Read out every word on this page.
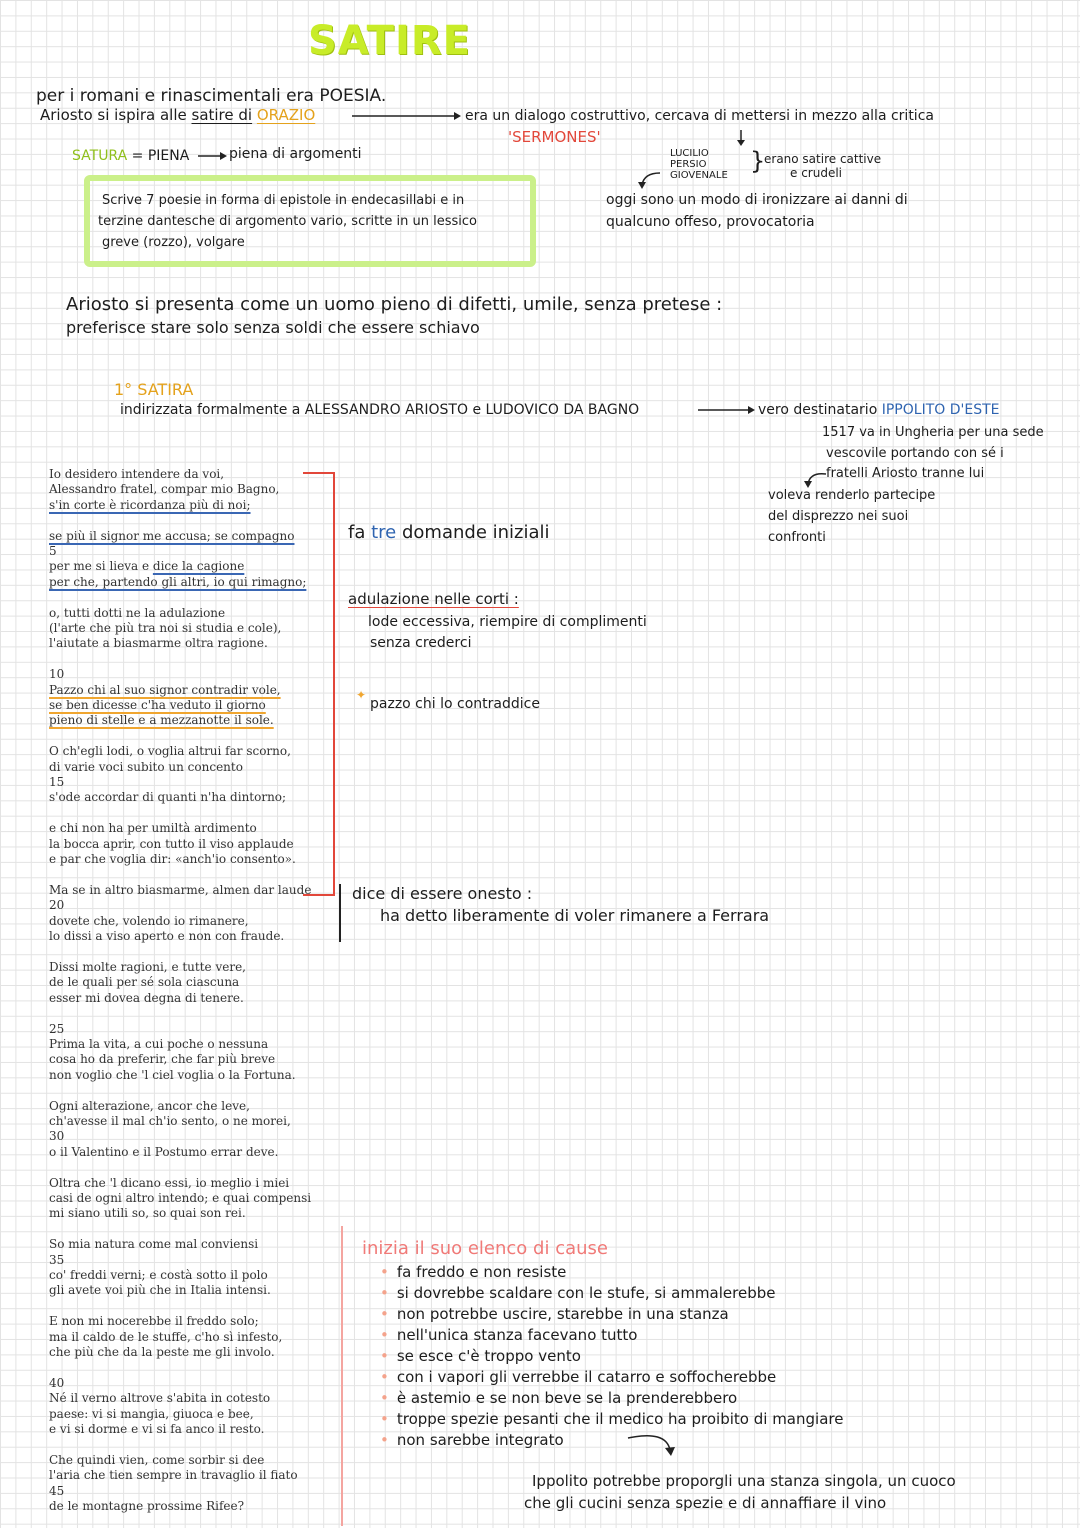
SATIRE
per i romani e rinascimentali era POESIA.
Ariosto si ispira alle satire di ORAZIO	era un dialogo costruttivo, cercava di mettersi in mezzo alla critica
'SERMONES'
SATURA = PIENA	piena di argomenti
Scrive 7 poesie in forma di epistole in endecasillabi e in
terzine dantesche di argomento vario, scritte in un lessico
greve (rozzo), volgare
LUCILIO
PERSIO
GIOVENALE
}
erano satire cattive
e crudeli
oggi sono un modo di ironizzare ai danni di
qualcuno offeso, provocatoria
Ariosto si presenta come un uomo pieno di difetti, umile, senza pretese :
preferisce stare solo senza soldi che essere schiavo
1° SATIRA
indirizzata formalmente a ALESSANDRO ARIOSTO e LUDOVICO DA BAGNO	vero destinatario IPPOLITO D'ESTE
1517 va in Ungheria per una sede
vescovile portando con sé i
fratelli Ariosto tranne lui
voleva renderlo partecipe
del disprezzo nei suoi
confronti
Io desidero intendere da voi,
Alessandro fratel, compar mio Bagno,
s'in corte è ricordanza più di noi;
se più il signor me accusa; se compagno
5
per me si lieva e dice la cagione
per che, partendo gli altri, io qui rimagno;
o, tutti dotti ne la adulazione
(l'arte che più tra noi si studia e cole),
l'aiutate a biasmarme oltra ragione.
10
Pazzo chi al suo signor contradir vole,
se ben dicesse c'ha veduto il giorno
pieno di stelle e a mezzanotte il sole.
O ch'egli lodi, o voglia altrui far scorno,
di varie voci subito un concento
15
s'ode accordar di quanti n'ha dintorno;
e chi non ha per umiltà ardimento
la bocca aprir, con tutto il viso applaude
e par che voglia dir: «anch'io consento».
Ma se in altro biasmarme, almen dar laude
20
dovete che, volendo io rimanere,
lo dissi a viso aperto e non con fraude.
Dissi molte ragioni, e tutte vere,
de le quali per sé sola ciascuna
esser mi dovea degna di tenere.
25
Prima la vita, a cui poche o nessuna
cosa ho da preferir, che far più breve
non voglio che 'l ciel voglia o la Fortuna.
Ogni alterazione, ancor che leve,
ch'avesse il mal ch'io sento, o ne morei,
30
o il Valentino e il Postumo errar deve.
Oltra che 'l dicano essi, io meglio i miei
casi de ogni altro intendo; e quai compensi
mi siano utili so, so quai son rei.
So mia natura come mal conviensi
35
co' freddi verni; e costà sotto il polo
gli avete voi più che in Italia intensi.
E non mi nocerebbe il freddo solo;
ma il caldo de le stuffe, c'ho sì infesto,
che più che da la peste me gli involo.
40
Né il verno altrove s'abita in cotesto
paese: vi si mangia, giuoca e bee,
e vi si dorme e vi si fa anco il resto.
Che quindi vien, come sorbir si dee
l'aria che tien sempre in travaglio il fiato
45
de le montagne prossime Rifee?
fa tre domande iniziali
adulazione nelle corti :
lode eccessiva, riempire di complimenti
senza crederci
✦
pazzo chi lo contraddice
dice di essere onesto :
ha detto liberamente di voler rimanere a Ferrara
inizia il suo elenco di cause
• fa freddo e non resiste
• si dovrebbe scaldare con le stufe, si ammalerebbe
• non potrebbe uscire, starebbe in una stanza
• nell'unica stanza facevano tutto
• se esce c'è troppo vento
• con i vapori gli verrebbe il catarro e soffocherebbe
• è astemio e se non beve se la prenderebbero
• troppe spezie pesanti che il medico ha proibito di mangiare
• non sarebbe integrato
Ippolito potrebbe proporgli una stanza singola, un cuoco
che gli cucini senza spezie e di annaffiare il vino
